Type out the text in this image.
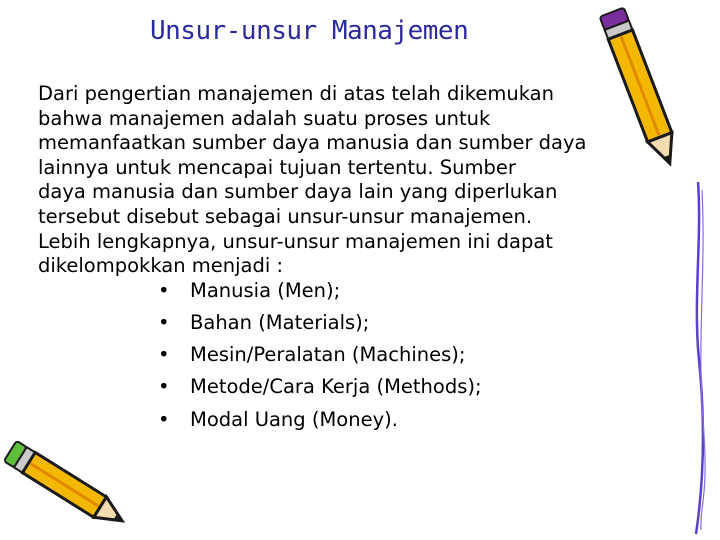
Unsur-unsur Manajemen

Dari pengertian manajemen di atas telah dikemukan
bahwa manajemen adalah suatu proses untuk
memanfaatkan sumber daya manusia dan sumber daya
lainnya untuk mencapai tujuan tertentu. Sumber
daya manusia dan sumber daya lain yang diperlukan
tersebut disebut sebagai unsur-unsur manajemen.
Lebih lengkapnya, unsur-unsur manajemen ini dapat
dikelompokkan menjadi :

• Manusia (Men);
• Bahan (Materials);
• Mesin/Peralatan (Machines);
• Metode/Cara Kerja (Methods);
• Modal Uang (Money).
